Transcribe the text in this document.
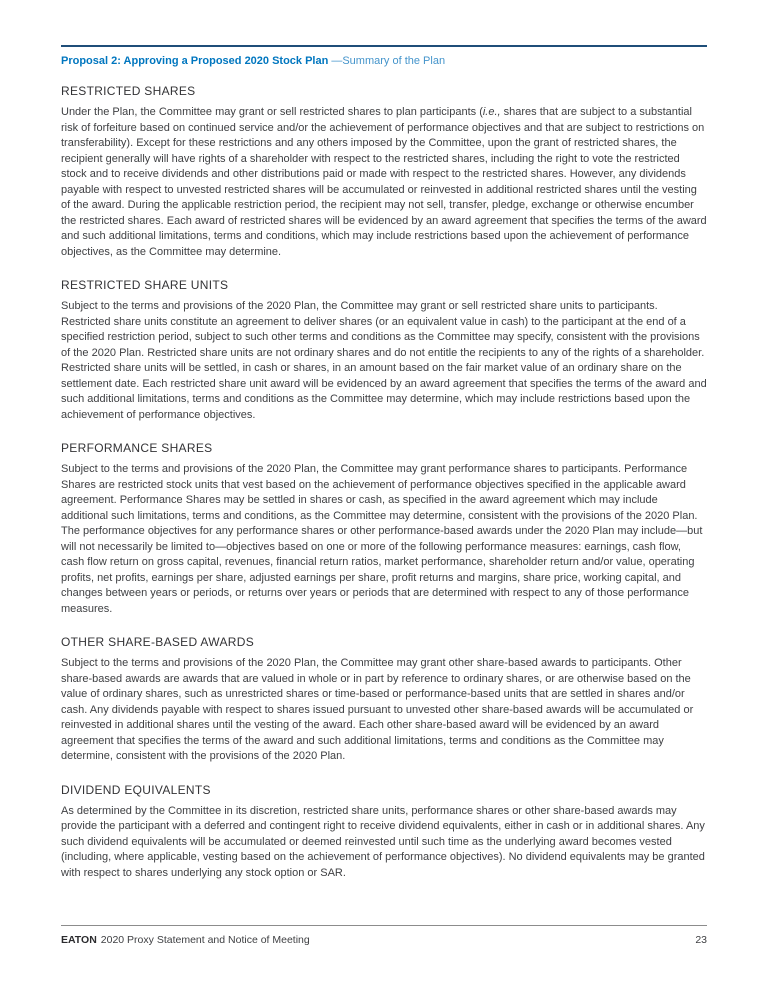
Proposal 2: Approving a Proposed 2020 Stock Plan —Summary of the Plan
RESTRICTED SHARES

Under the Plan, the Committee may grant or sell restricted shares to plan participants (i.e., shares that are subject to a substantial risk of forfeiture based on continued service and/or the achievement of performance objectives and that are subject to restrictions on transferability). Except for these restrictions and any others imposed by the Committee, upon the grant of restricted shares, the recipient generally will have rights of a shareholder with respect to the restricted shares, including the right to vote the restricted stock and to receive dividends and other distributions paid or made with respect to the restricted shares. However, any dividends payable with respect to unvested restricted shares will be accumulated or reinvested in additional restricted shares until the vesting of the award. During the applicable restriction period, the recipient may not sell, transfer, pledge, exchange or otherwise encumber the restricted shares. Each award of restricted shares will be evidenced by an award agreement that specifies the terms of the award and such additional limitations, terms and conditions, which may include restrictions based upon the achievement of performance objectives, as the Committee may determine.

RESTRICTED SHARE UNITS

Subject to the terms and provisions of the 2020 Plan, the Committee may grant or sell restricted share units to participants. Restricted share units constitute an agreement to deliver shares (or an equivalent value in cash) to the participant at the end of a specified restriction period, subject to such other terms and conditions as the Committee may specify, consistent with the provisions of the 2020 Plan. Restricted share units are not ordinary shares and do not entitle the recipients to any of the rights of a shareholder. Restricted share units will be settled, in cash or shares, in an amount based on the fair market value of an ordinary share on the settlement date. Each restricted share unit award will be evidenced by an award agreement that specifies the terms of the award and such additional limitations, terms and conditions as the Committee may determine, which may include restrictions based upon the achievement of performance objectives.

PERFORMANCE SHARES

Subject to the terms and provisions of the 2020 Plan, the Committee may grant performance shares to participants. Performance Shares are restricted stock units that vest based on the achievement of performance objectives specified in the applicable award agreement. Performance Shares may be settled in shares or cash, as specified in the award agreement which may include additional such limitations, terms and conditions, as the Committee may determine, consistent with the provisions of the 2020 Plan. The performance objectives for any performance shares or other performance-based awards under the 2020 Plan may include—but will not necessarily be limited to—objectives based on one or more of the following performance measures: earnings, cash flow, cash flow return on gross capital, revenues, financial return ratios, market performance, shareholder return and/or value, operating profits, net profits, earnings per share, adjusted earnings per share, profit returns and margins, share price, working capital, and changes between years or periods, or returns over years or periods that are determined with respect to any of those performance measures.

OTHER SHARE-BASED AWARDS

Subject to the terms and provisions of the 2020 Plan, the Committee may grant other share-based awards to participants. Other share-based awards are awards that are valued in whole or in part by reference to ordinary shares, or are otherwise based on the value of ordinary shares, such as unrestricted shares or time-based or performance-based units that are settled in shares and/or cash. Any dividends payable with respect to shares issued pursuant to unvested other share-based awards will be accumulated or reinvested in additional shares until the vesting of the award. Each other share-based award will be evidenced by an award agreement that specifies the terms of the award and such additional limitations, terms and conditions as the Committee may determine, consistent with the provisions of the 2020 Plan.

DIVIDEND EQUIVALENTS

As determined by the Committee in its discretion, restricted share units, performance shares or other share-based awards may provide the participant with a deferred and contingent right to receive dividend equivalents, either in cash or in additional shares. Any such dividend equivalents will be accumulated or deemed reinvested until such time as the underlying award becomes vested (including, where applicable, vesting based on the achievement of performance objectives). No dividend equivalents may be granted with respect to shares underlying any stock option or SAR.

EATON 2020 Proxy Statement and Notice of Meeting	23
